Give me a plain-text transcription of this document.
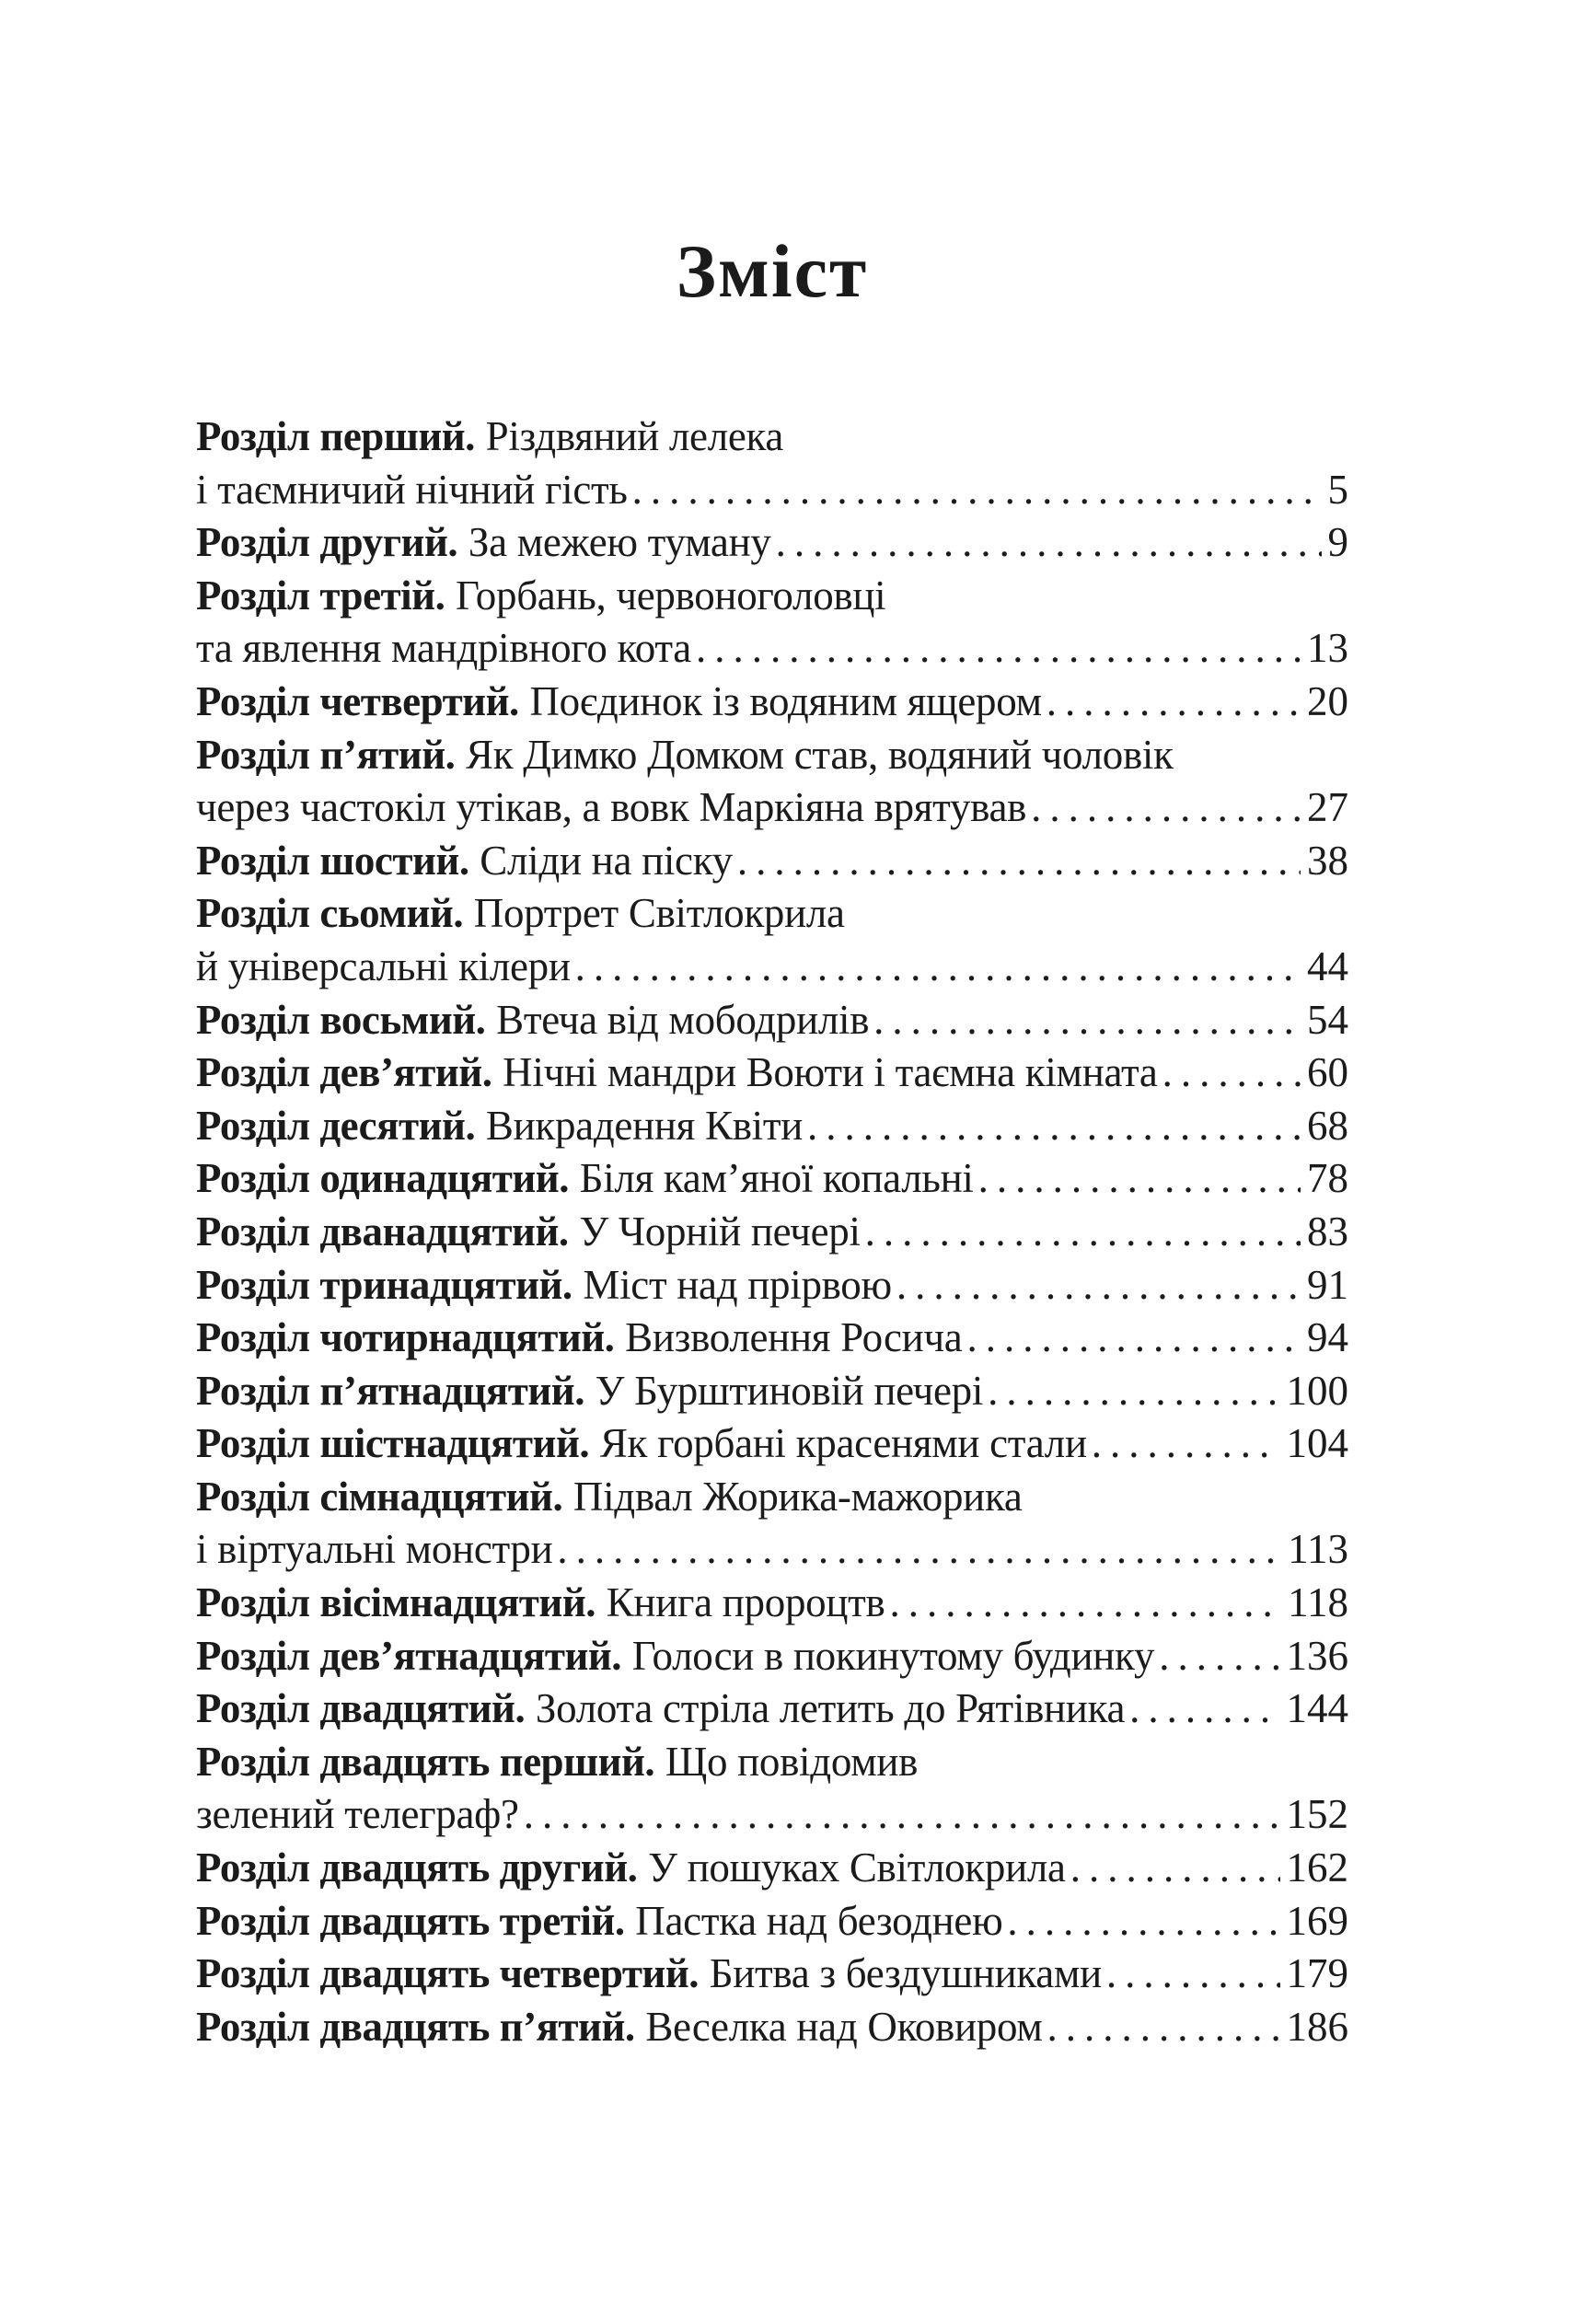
Зміст
Розділ перший. Різдвяний лелека
і таємничий нічний гість .....	5
Розділ другий. За межею туману .....	9
Розділ третій. Горбань, червоноголовці
та явлення мандрівного кота .....	13
Розділ четвертий. Поєдинок із водяним ящером .....	20
Розділ п’ятий. Як Димко Домком став, водяний чоловік
через частокіл утікав, а вовк Маркіяна врятував .....	27
Розділ шостий. Сліди на піску .....	38
Розділ сьомий. Портрет Світлокрила
й універсальні кілери .....	44
Розділ восьмий. Втеча від мободрилів .....	54
Розділ дев’ятий. Нічні мандри Воюти і таємна кімната .....	60
Розділ десятий. Викрадення Квіти .....	68
Розділ одинадцятий. Біля кам’яної копальні .....	78
Розділ дванадцятий. У Чорній печері .....	83
Розділ тринадцятий. Міст над прірвою .....	91
Розділ чотирнадцятий. Визволення Росича .....	94
Розділ п’ятнадцятий. У Бурштиновій печері .....	100
Розділ шістнадцятий. Як горбані красенями стали .....	104
Розділ сімнадцятий. Підвал Жорика-мажорика
і віртуальні монстри .....	113
Розділ вісімнадцятий. Книга пророцтв .....	118
Розділ дев’ятнадцятий. Голоси в покинутому будинку .....	136
Розділ двадцятий. Золота стріла летить до Рятівника .....	144
Розділ двадцять перший. Що повідомив
зелений телеграф? .....	152
Розділ двадцять другий. У пошуках Світлокрила .....	162
Розділ двадцять третій. Пастка над безоднею .....	169
Розділ двадцять четвертий. Битва з бездушниками .....	179
Розділ двадцять п’ятий. Веселка над Оковиром .....	186
